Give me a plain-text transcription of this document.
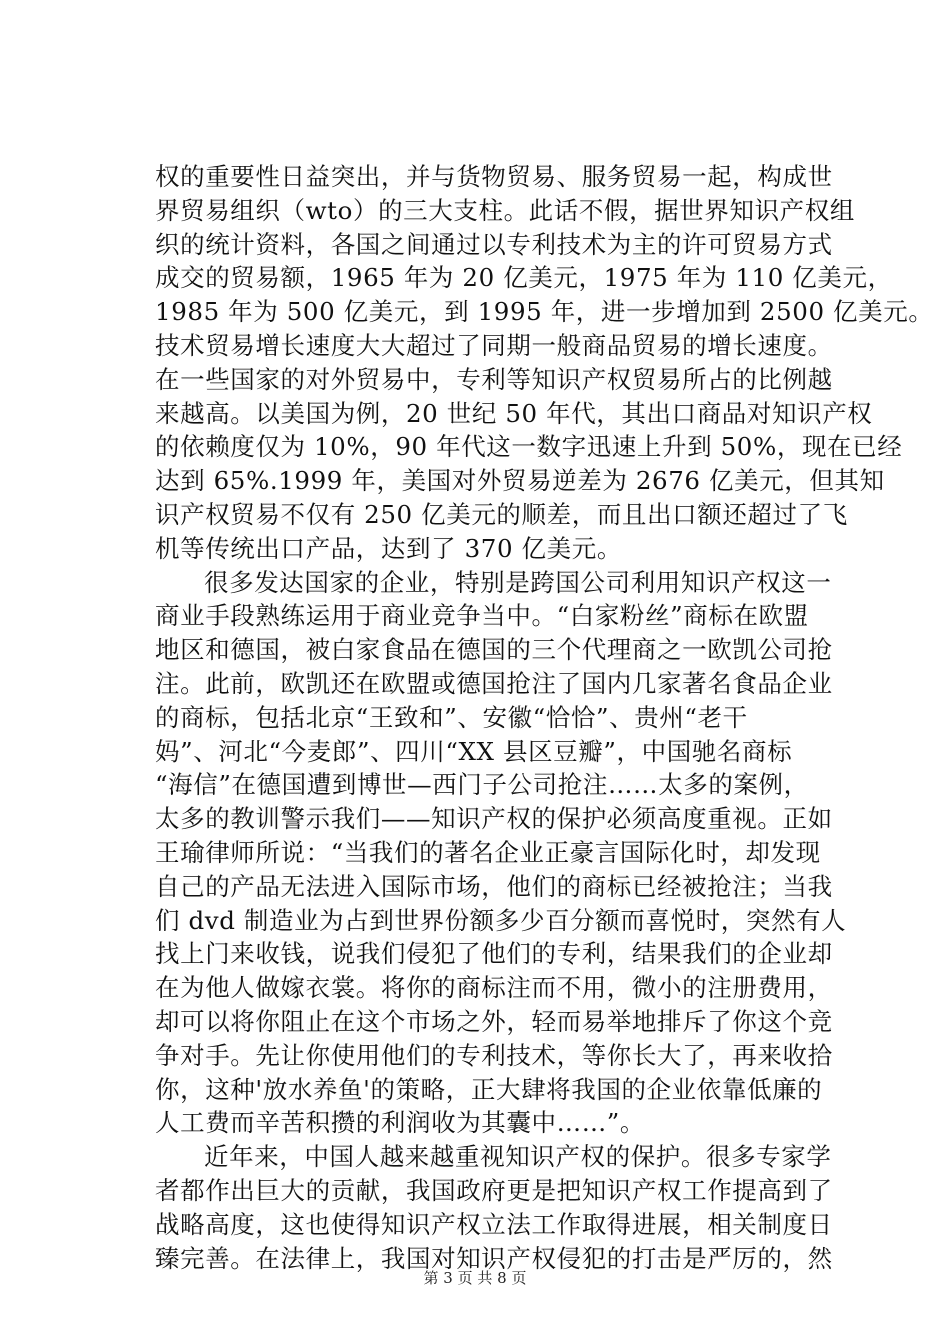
权的重要性日益突出，并与货物贸易、服务贸易一起，构成世
界贸易组织（wto）的三大支柱。此话不假，据世界知识产权组
织的统计资料，各国之间通过以专利技术为主的许可贸易方式
成交的贸易额，1965 年为 20 亿美元，1975 年为 110 亿美元，
1985 年为 500 亿美元，到 1995 年，进一步增加到 2500 亿美元。
技术贸易增长速度大大超过了同期一般商品贸易的增长速度。
在一些国家的对外贸易中，专利等知识产权贸易所占的比例越
来越高。以美国为例，20 世纪 50 年代，其出口商品对知识产权
的依赖度仅为 10%，90 年代这一数字迅速上升到 50%，现在已经
达到 65%.1999 年，美国对外贸易逆差为 2676 亿美元，但其知
识产权贸易不仅有 250 亿美元的顺差，而且出口额还超过了飞
机等传统出口产品，达到了 370 亿美元。
很多发达国家的企业，特别是跨国公司利用知识产权这一
商业手段熟练运用于商业竞争当中。“白家粉丝”商标在欧盟
地区和德国，被白家食品在德国的三个代理商之一欧凯公司抢
注。此前，欧凯还在欧盟或德国抢注了国内几家著名食品企业
的商标，包括北京“王致和”、安徽“恰恰”、贵州“老干
妈”、河北“今麦郎”、四川“XX 县区豆瓣”，中国驰名商标
“海信”在德国遭到博世—西门子公司抢注……太多的案例，
太多的教训警示我们——知识产权的保护必须高度重视。正如
王瑜律师所说：“当我们的著名企业正豪言国际化时，却发现
自己的产品无法进入国际市场，他们的商标已经被抢注；当我
们 dvd 制造业为占到世界份额多少百分额而喜悦时，突然有人
找上门来收钱，说我们侵犯了他们的专利，结果我们的企业却
在为他人做嫁衣裳。将你的商标注而不用，微小的注册费用，
却可以将你阻止在这个市场之外，轻而易举地排斥了你这个竞
争对手。先让你使用他们的专利技术，等你长大了，再来收拾
你，这种'放水养鱼'的策略，正大肆将我国的企业依靠低廉的
人工费而辛苦积攒的利润收为其囊中……”。
近年来，中国人越来越重视知识产权的保护。很多专家学
者都作出巨大的贡献，我国政府更是把知识产权工作提高到了
战略高度，这也使得知识产权立法工作取得进展，相关制度日
臻完善。在法律上，我国对知识产权侵犯的打击是严厉的，然
第 3 页 共 8 页
